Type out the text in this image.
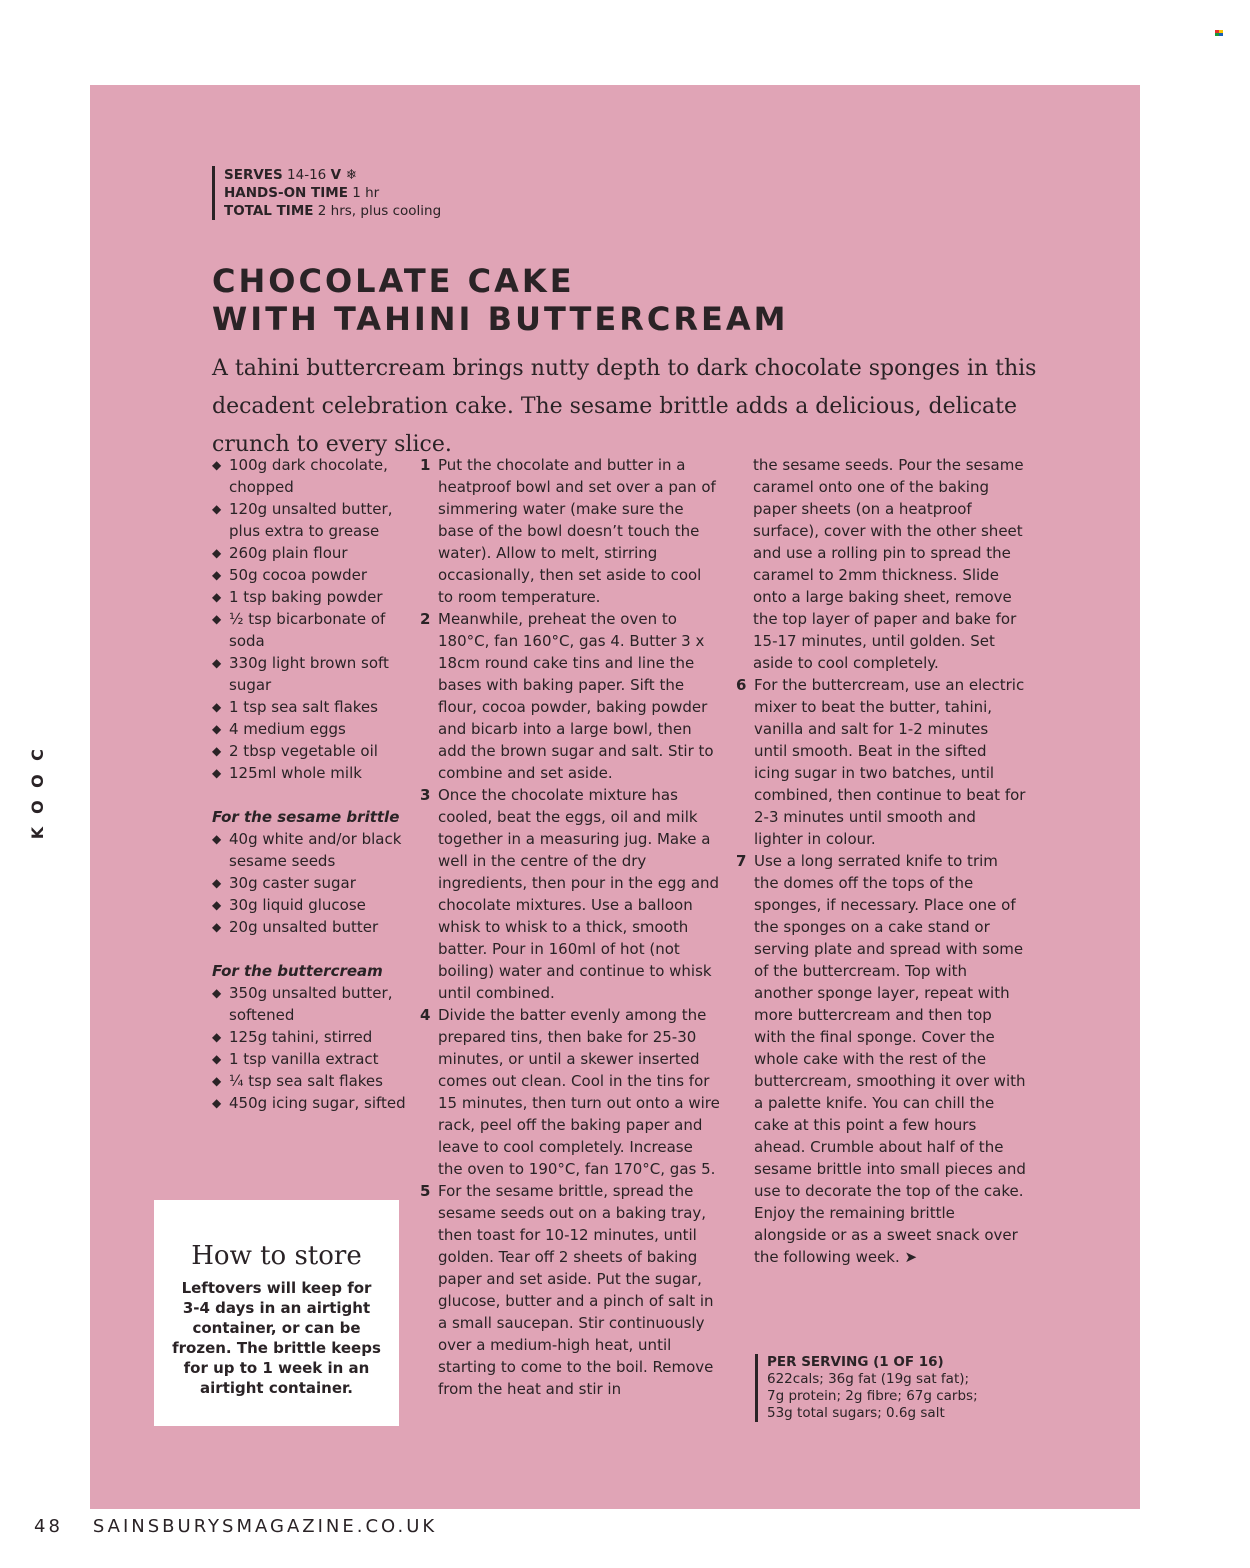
SERVES 14-16 V ❄
HANDS-ON TIME 1 hr
TOTAL TIME 2 hrs, plus cooling
CHOCOLATE CAKE
WITH TAHINI BUTTERCREAM

A tahini buttercream brings nutty depth to dark chocolate sponges in this decadent celebration cake. The sesame brittle adds a delicious, delicate crunch to every slice.

◆ 100g dark chocolate, chopped
◆ 120g unsalted butter, plus extra to grease
◆ 260g plain flour
◆ 50g cocoa powder
◆ 1 tsp baking powder
◆ ½ tsp bicarbonate of soda
◆ 330g light brown soft sugar
◆ 1 tsp sea salt flakes
◆ 4 medium eggs
◆ 2 tbsp vegetable oil
◆ 125ml whole milk
For the sesame brittle
◆ 40g white and/or black sesame seeds
◆ 30g caster sugar
◆ 30g liquid glucose
◆ 20g unsalted butter
For the buttercream
◆ 350g unsalted butter, softened
◆ 125g tahini, stirred
◆ 1 tsp vanilla extract
◆ ¼ tsp sea salt flakes
◆ 450g icing sugar, sifted
1 Put the chocolate and butter in a heatproof bowl and set over a pan of simmering water (make sure the base of the bowl doesn’t touch the water). Allow to melt, stirring occasionally, then set aside to cool to room temperature.
2 Meanwhile, preheat the oven to 180°C, fan 160°C, gas 4. Butter 3 x 18cm round cake tins and line the bases with baking paper. Sift the flour, cocoa powder, baking powder and bicarb into a large bowl, then add the brown sugar and salt. Stir to combine and set aside.
3 Once the chocolate mixture has cooled, beat the eggs, oil and milk together in a measuring jug. Make a well in the centre of the dry ingredients, then pour in the egg and chocolate mixtures. Use a balloon whisk to whisk to a thick, smooth batter. Pour in 160ml of hot (not boiling) water and continue to whisk until combined.
4 Divide the batter evenly among the prepared tins, then bake for 25-30 minutes, or until a skewer inserted comes out clean. Cool in the tins for 15 minutes, then turn out onto a wire rack, peel off the baking paper and leave to cool completely. Increase the oven to 190°C, fan 170°C, gas 5.
5 For the sesame brittle, spread the sesame seeds out on a baking tray, then toast for 10-12 minutes, until golden. Tear off 2 sheets of baking paper and set aside. Put the sugar, glucose, butter and a pinch of salt in a small saucepan. Stir continuously over a medium-high heat, until starting to come to the boil. Remove from the heat and stir in
the sesame seeds. Pour the sesame caramel onto one of the baking paper sheets (on a heatproof surface), cover with the other sheet and use a rolling pin to spread the caramel to 2mm thickness. Slide onto a large baking sheet, remove the top layer of paper and bake for 15-17 minutes, until golden. Set aside to cool completely.
6 For the buttercream, use an electric mixer to beat the butter, tahini, vanilla and salt for 1-2 minutes until smooth. Beat in the sifted icing sugar in two batches, until combined, then continue to beat for 2-3 minutes until smooth and lighter in colour.
7 Use a long serrated knife to trim the domes off the tops of the sponges, if necessary. Place one of the sponges on a cake stand or serving plate and spread with some of the buttercream. Top with another sponge layer, repeat with more buttercream and then top with the final sponge. Cover the whole cake with the rest of the buttercream, smoothing it over with a palette knife. You can chill the cake at this point a few hours ahead. Crumble about half of the sesame brittle into small pieces and use to decorate the top of the cake. Enjoy the remaining brittle alongside or as a sweet snack over the following week. ➤
How to store

Leftovers will keep for 3-4 days in an airtight container, or can be frozen. The brittle keeps for up to 1 week in an airtight container.

PER SERVING (1 OF 16)
622cals; 36g fat (19g sat fat);
7g protein; 2g fibre; 67g carbs;
53g total sugars; 0.6g salt
C
O
O
K
48 SAINSBURYSMAGAZINE.CO.UK
